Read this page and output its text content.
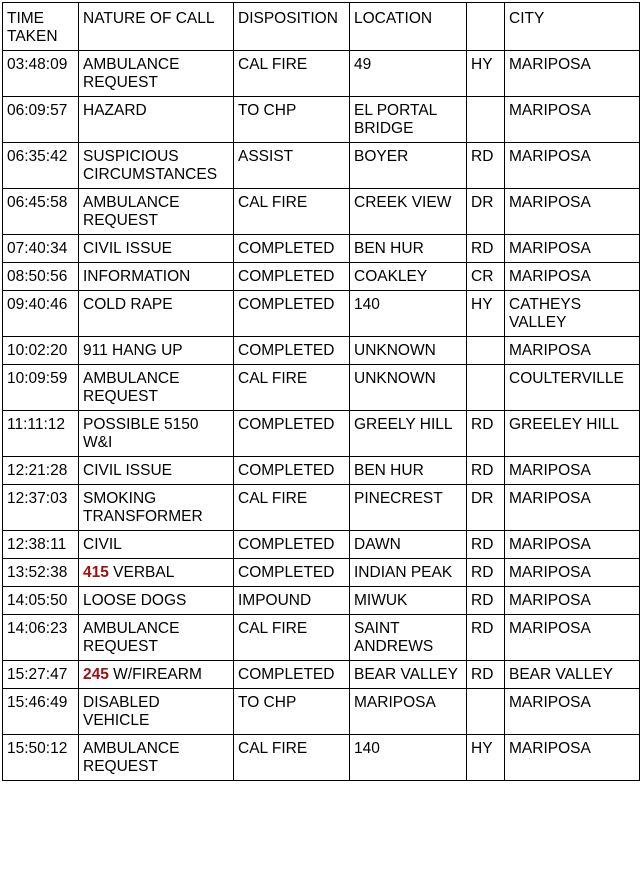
TIME
TAKEN	NATURE OF CALL	DISPOSITION	LOCATION		CITY
03:48:09	AMBULANCE REQUEST	CAL FIRE	49	HY	MARIPOSA
06:09:57	HAZARD	TO CHP	EL PORTAL BRIDGE		MARIPOSA
06:35:42	SUSPICIOUS CIRCUMSTANCES	ASSIST	BOYER	RD	MARIPOSA
06:45:58	AMBULANCE REQUEST	CAL FIRE	CREEK VIEW	DR	MARIPOSA
07:40:34	CIVIL ISSUE	COMPLETED	BEN HUR	RD	MARIPOSA
08:50:56	INFORMATION	COMPLETED	COAKLEY	CR	MARIPOSA
09:40:46	COLD RAPE	COMPLETED	140	HY	CATHEYS VALLEY
10:02:20	911 HANG UP	COMPLETED	UNKNOWN		MARIPOSA
10:09:59	AMBULANCE REQUEST	CAL FIRE	UNKNOWN		COULTERVILLE
11:11:12	POSSIBLE 5150 W&I	COMPLETED	GREELY HILL	RD	GREELEY HILL
12:21:28	CIVIL ISSUE	COMPLETED	BEN HUR	RD	MARIPOSA
12:37:03	SMOKING TRANSFORMER	CAL FIRE	PINECREST	DR	MARIPOSA
12:38:11	CIVIL	COMPLETED	DAWN	RD	MARIPOSA
13:52:38	415 VERBAL	COMPLETED	INDIAN PEAK	RD	MARIPOSA
14:05:50	LOOSE DOGS	IMPOUND	MIWUK	RD	MARIPOSA
14:06:23	AMBULANCE REQUEST	CAL FIRE	SAINT ANDREWS	RD	MARIPOSA
15:27:47	245 W/FIREARM	COMPLETED	BEAR VALLEY	RD	BEAR VALLEY
15:46:49	DISABLED VEHICLE	TO CHP	MARIPOSA		MARIPOSA
15:50:12	AMBULANCE REQUEST	CAL FIRE	140	HY	MARIPOSA
